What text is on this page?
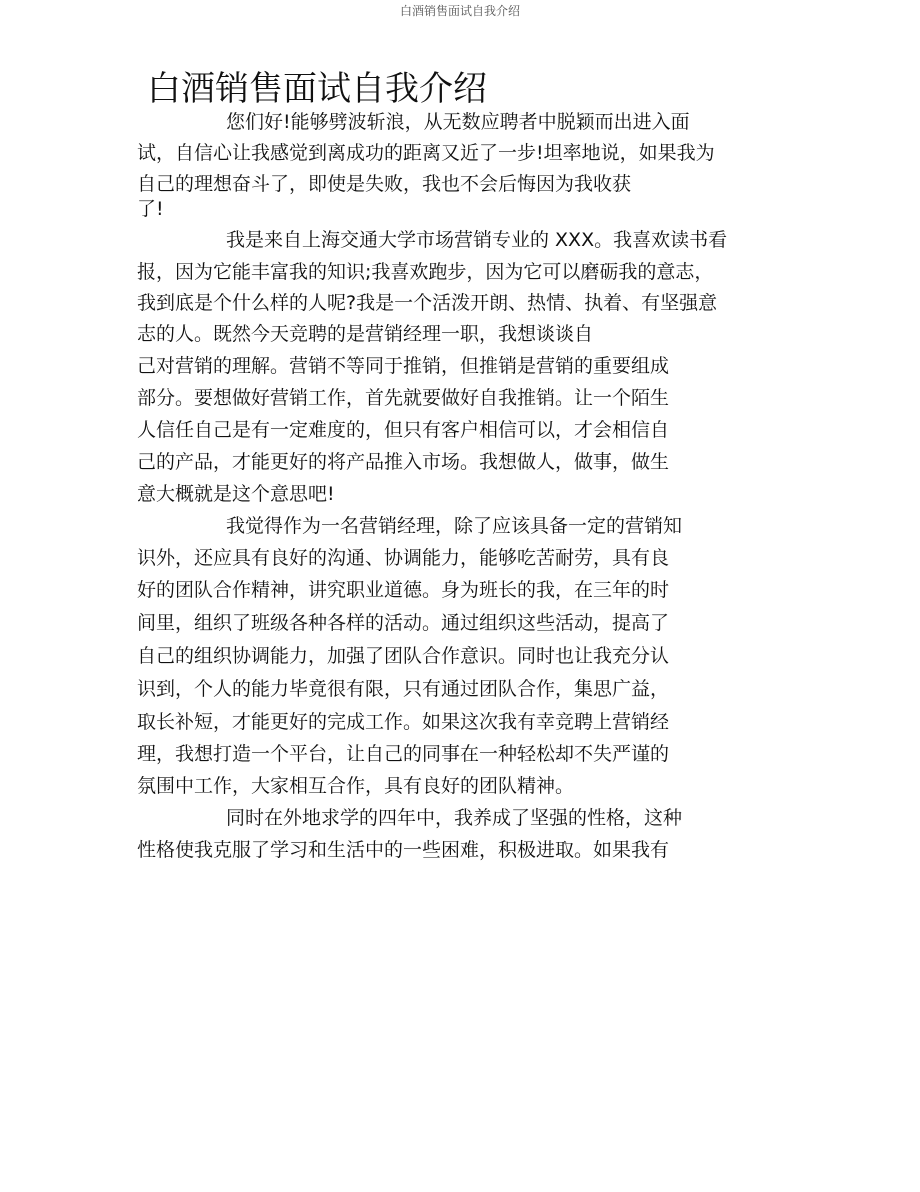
白酒销售面试自我介绍
白酒销售面试自我介绍
您们好!能够劈波斩浪，从无数应聘者中脱颖而出进入面
试，自信心让我感觉到离成功的距离又近了一步!坦率地说，如果我为
自己的理想奋斗了，即使是失败，我也不会后悔因为我收获
了!
我是来自上海交通大学市场营销专业的 XXX。我喜欢读书看
报，因为它能丰富我的知识;我喜欢跑步，因为它可以磨砺我的意志，
我到底是个什么样的人呢?我是一个活泼开朗、热情、执着、有坚强意
志的人。既然今天竞聘的是营销经理一职，我想谈谈自
己对营销的理解。营销不等同于推销，但推销是营销的重要组成
部分。要想做好营销工作，首先就要做好自我推销。让一个陌生
人信任自己是有一定难度的，但只有客户相信可以，才会相信自
己的产品，才能更好的将产品推入市场。我想做人，做事，做生
意大概就是这个意思吧!
我觉得作为一名营销经理，除了应该具备一定的营销知
识外，还应具有良好的沟通、协调能力，能够吃苦耐劳，具有良
好的团队合作精神，讲究职业道德。身为班长的我，在三年的时
间里，组织了班级各种各样的活动。通过组织这些活动，提高了
自己的组织协调能力，加强了团队合作意识。同时也让我充分认
识到，个人的能力毕竟很有限，只有通过团队合作，集思广益，
取长补短，才能更好的完成工作。如果这次我有幸竞聘上营销经
理，我想打造一个平台，让自己的同事在一种轻松却不失严谨的
氛围中工作，大家相互合作，具有良好的团队精神。
同时在外地求学的四年中，我养成了坚强的性格，这种
性格使我克服了学习和生活中的一些困难，积极进取。如果我有
